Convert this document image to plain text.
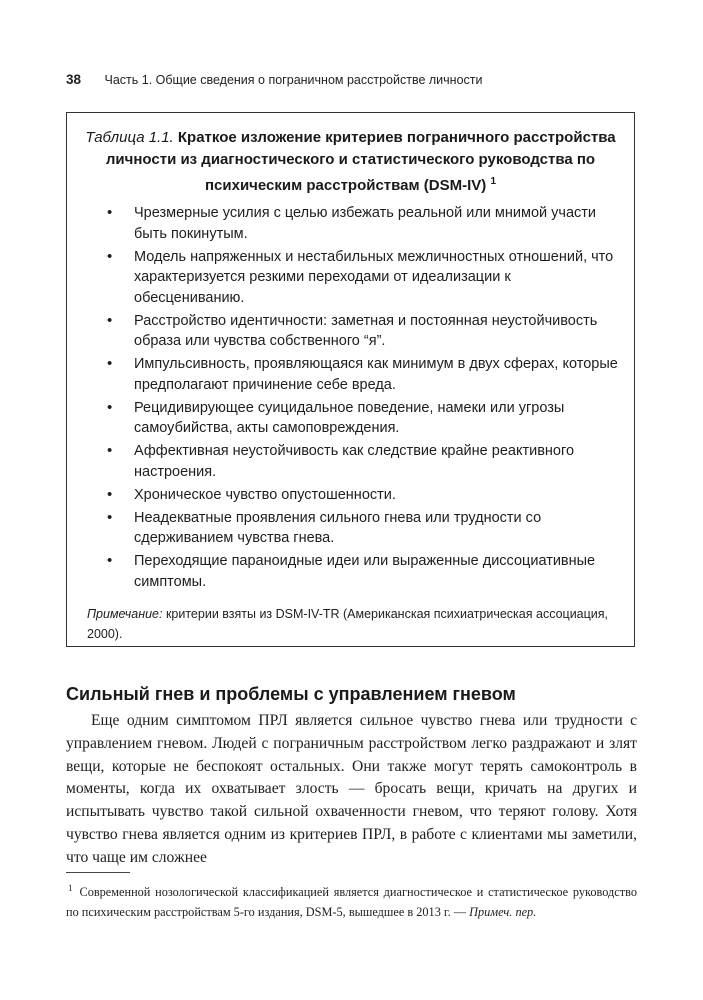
38 Часть 1. Общие сведения о пограничном расстройстве личности
Таблица 1.1. Краткое изложение критериев пограничного расстройства личности из диагностического и статистического руководства по психическим расстройствам (DSM-IV) $^1$
• Чрезмерные усилия с целью избежать реальной или мнимой участи быть покинутым.
• Модель напряженных и нестабильных межличностных отношений, что характеризуется резкими переходами от идеализации к обесцениванию.
• Расстройство идентичности: заметная и постоянная неустойчивость образа или чувства собственного “я”.
• Импульсивность, проявляющаяся как минимум в двух сферах, которые предполагают причинение себе вреда.
• Рецидивирующее суицидальное поведение, намеки или угрозы самоубийства, акты самоповреждения.
• Аффективная неустойчивость как следствие крайне реактивного настроения.
• Хроническое чувство опустошенности.
• Неадекватные проявления сильного гнева или трудности со сдерживанием чувства гнева.
• Переходящие параноидные идеи или выраженные диссоциативные симптомы.
Примечание: критерии взяты из DSM-IV-TR (Американская психиатрическая ассоциация, 2000).
Сильный гнев и проблемы с управлением гневом

Еще одним симптомом ПРЛ является сильное чувство гнева или трудности с управлением гневом. Людей с пограничным расстройством легко раздражают и злят вещи, которые не беспокоят остальных. Они также могут терять самоконтроль в моменты, когда их охватывает злость — бросать вещи, кричать на других и испытывать чувство такой сильной охваченности гневом, что теряют голову. Хотя чувство гнева является одним из критериев ПРЛ, в работе с клиентами мы заметили, что чаще им сложнее

$^1$ Современной нозологической классификацией является диагностическое и статистическое руководство по психическим расстройствам 5-го издания, DSM-5, вышедшее в 2013 г. — Примеч. пер.
